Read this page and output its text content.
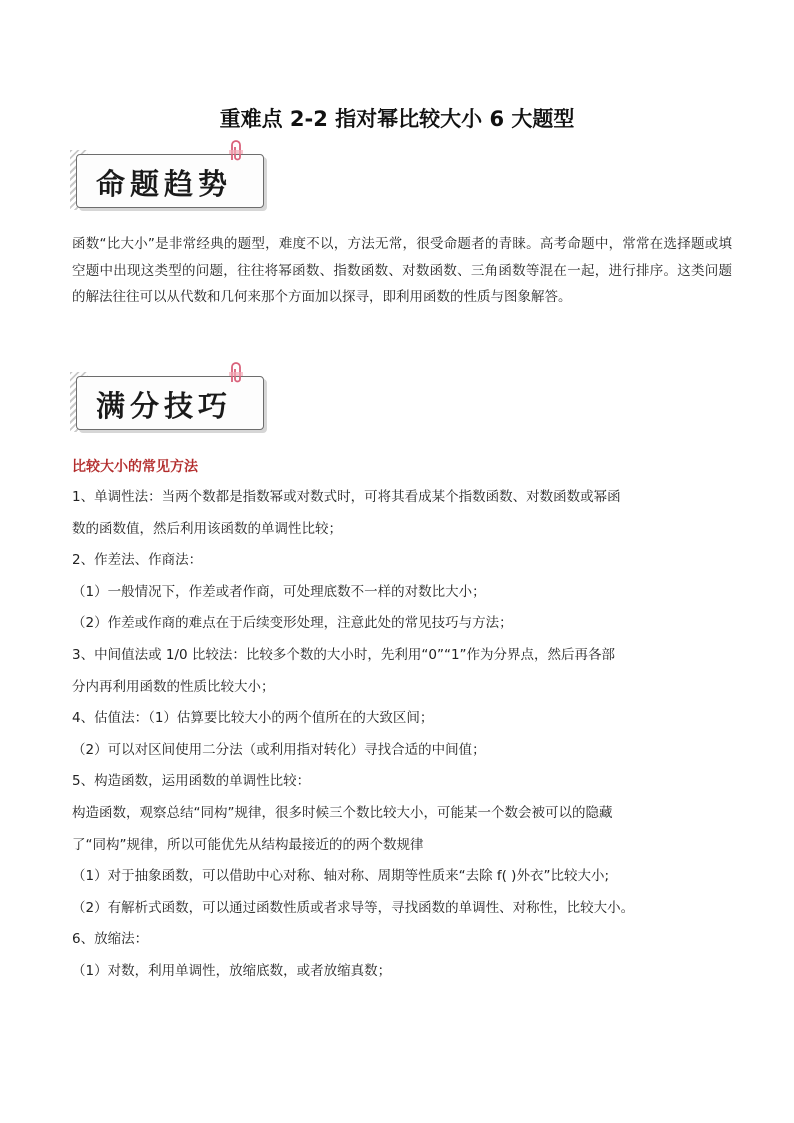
重难点 2-2 指对幂比较大小 6 大题型
命题趋势
函数“比大小”是非常经典的题型，难度不以，方法无常，很受命题者的青睐。高考命题中，常常在选择题或填空题中出现这类型的问题，往往将幂函数、指数函数、对数函数、三角函数等混在一起，进行排序。这类问题的解法往往可以从代数和几何来那个方面加以探寻，即利用函数的性质与图象解答。
满分技巧
比较大小的常见方法
1、单调性法：当两个数都是指数幂或对数式时，可将其看成某个指数函数、对数函数或幂函
数的函数值，然后利用该函数的单调性比较；
2、作差法、作商法：
（1）一般情况下，作差或者作商，可处理底数不一样的对数比大小；
（2）作差或作商的难点在于后续变形处理，注意此处的常见技巧与方法；
3、中间值法或 1/0 比较法：比较多个数的大小时，先利用“0”“1”作为分界点，然后再各部
分内再利用函数的性质比较大小；
4、估值法：（1）估算要比较大小的两个值所在的大致区间；
（2）可以对区间使用二分法（或利用指对转化）寻找合适的中间值；
5、构造函数，运用函数的单调性比较：
构造函数，观察总结“同构”规律，很多时候三个数比较大小，可能某一个数会被可以的隐藏
了“同构”规律，所以可能优先从结构最接近的的两个数规律
（1）对于抽象函数，可以借助中心对称、轴对称、周期等性质来“去除 f( )外衣”比较大小;
（2）有解析式函数，可以通过函数性质或者求导等，寻找函数的单调性、对称性，比较大小。
6、放缩法：
（1）对数，利用单调性，放缩底数，或者放缩真数；
